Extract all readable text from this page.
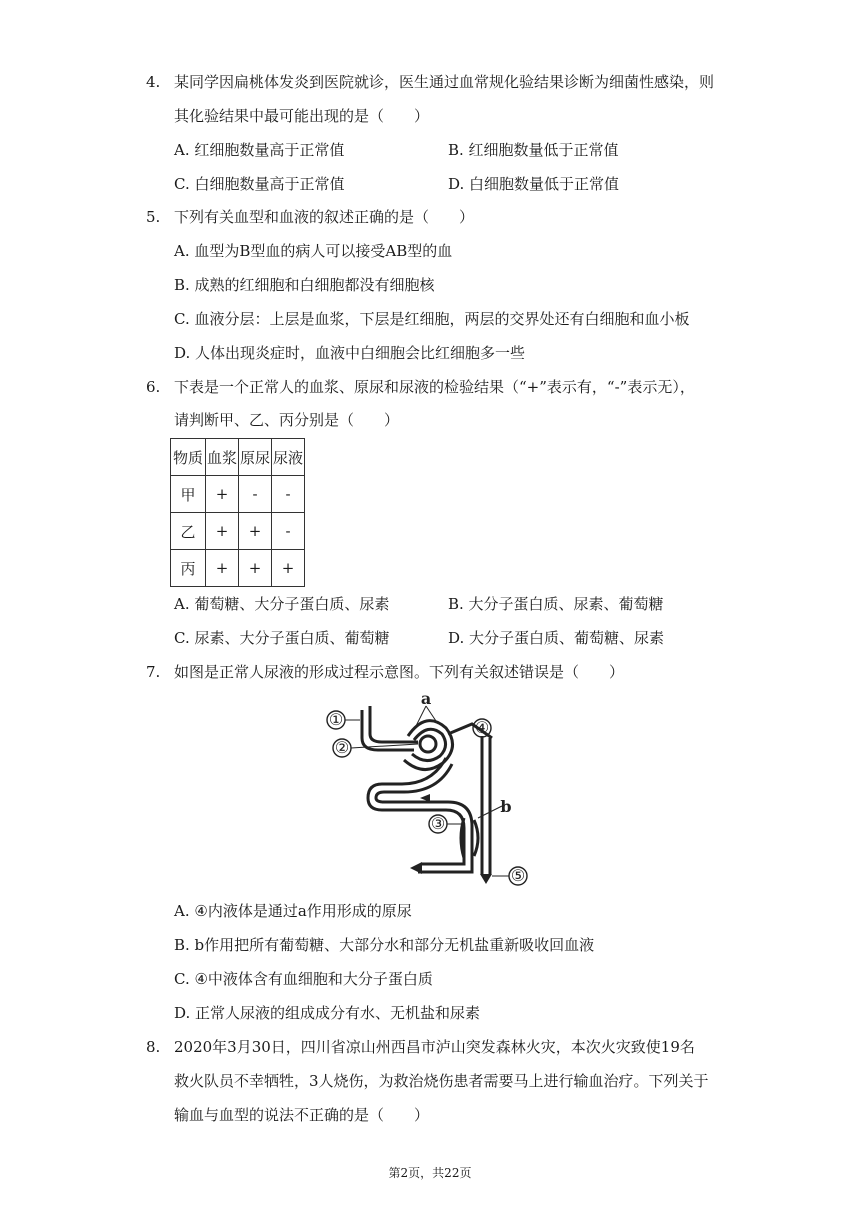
4. 某同学因扁桃体发炎到医院就诊，医生通过血常规化验结果诊断为细菌性感染，则
其化验结果中最可能出现的是（　　）
A. 红细胞数量高于正常值	B. 红细胞数量低于正常值
C. 白细胞数量高于正常值	D. 白细胞数量低于正常值
5. 下列有关血型和血液的叙述正确的是（　　）
A. 血型为B型血的病人可以接受AB型的血
B. 成熟的红细胞和白细胞都没有细胞核
C. 血液分层：上层是血浆，下层是红细胞，两层的交界处还有白细胞和血小板
D. 人体出现炎症时，血液中白细胞会比红细胞多一些
6. 下表是一个正常人的血浆、原尿和尿液的检验结果（“+”表示有，“-”表示无），
请判断甲、乙、丙分别是（　　）
物质	血浆	原尿	尿液
甲	+	-	-
乙	+	+	-
丙	+	+	+
A. 葡萄糖、大分子蛋白质、尿素	B. 大分子蛋白质、尿素、葡萄糖
C. 尿素、大分子蛋白质、葡萄糖	D. 大分子蛋白质、葡萄糖、尿素
7. 如图是正常人尿液的形成过程示意图。下列有关叙述错误是（　　）
①
②
③
④
⑤
a
b
A. ④内液体是通过a作用形成的原尿
B. b作用把所有葡萄糖、大部分水和部分无机盐重新吸收回血液
C. ④中液体含有血细胞和大分子蛋白质
D. 正常人尿液的组成成分有水、无机盐和尿素
8. 2020年3月30日，四川省凉山州西昌市泸山突发森林火灾，本次火灾致使19名
救火队员不幸牺牲，3人烧伤，为救治烧伤患者需要马上进行输血治疗。下列关于
输血与血型的说法不正确的是（　　）
第2页，共22页
